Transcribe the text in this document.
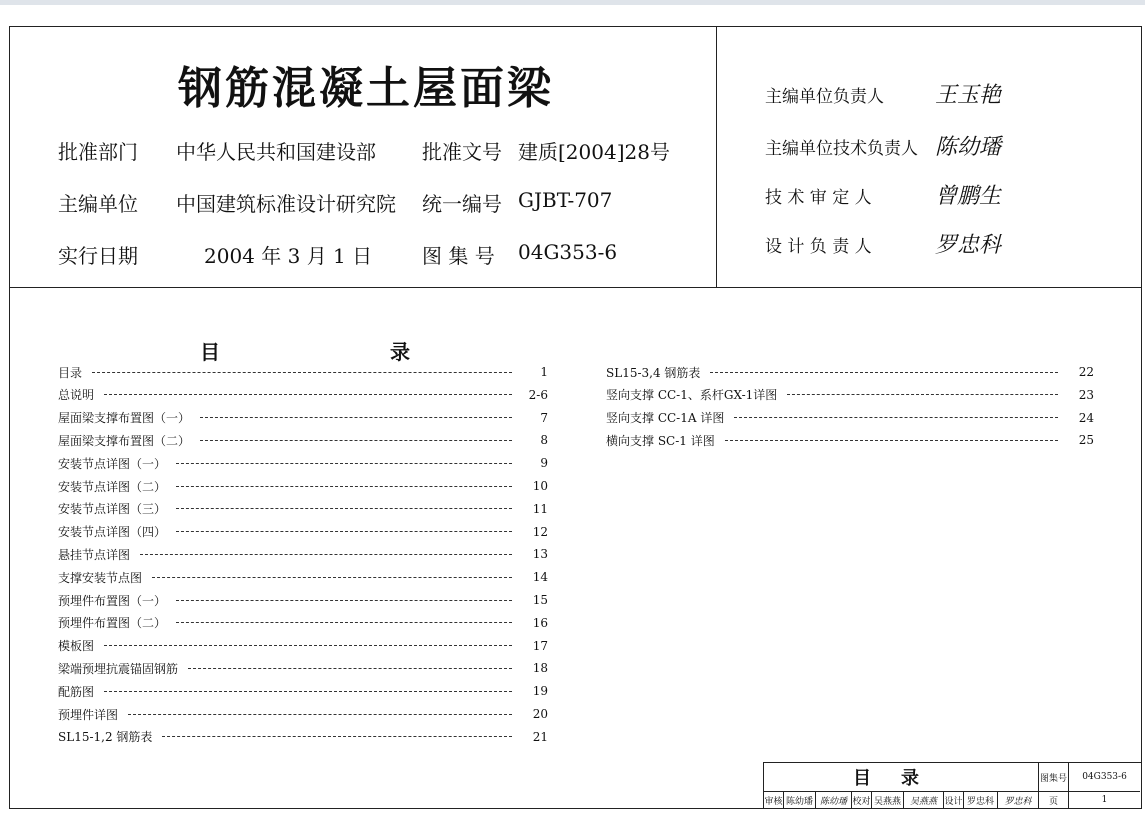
钢筋混凝土屋面梁
批准部门 中华人民共和国建设部 批准文号 建质[2004]28号
主编单位 中国建筑标准设计研究院 统一编号 GJBT-707
实行日期	2004 年 3 月 1 日 图 集 号 04G353-6
主编单位负责人 王玉艳
主编单位技术负责人 陈幼璠
技 术 审 定 人	曾鹏生
设 计 负 责 人	罗忠科
目	录
目录	1
总说明	2-6
屋面梁支撑布置图（一）	7
屋面梁支撑布置图（二）	8
安装节点详图（一）	9
安装节点详图（二）	10
安装节点详图（三）	11
安装节点详图（四）	12
悬挂节点详图	13
支撑安装节点图	14
预埋件布置图（一）	15
预埋件布置图（二）	16
模板图	17
梁端预埋抗震锚固钢筋	18
配筋图	19
预埋件详图	20
SL15-1,2 钢筋表	21
SL15-3,4 钢筋表	22
竖向支撑 CC-1、系杆GX-1详图	23
竖向支撑 CC-1A 详图	24
横向支撑 SC-1 详图	25
目录	图集号	04G353-6
审核 陈幼璠 陈幼璠 校对 吴燕燕 吴燕燕 设计 罗忠科	罗忠科	页	1
